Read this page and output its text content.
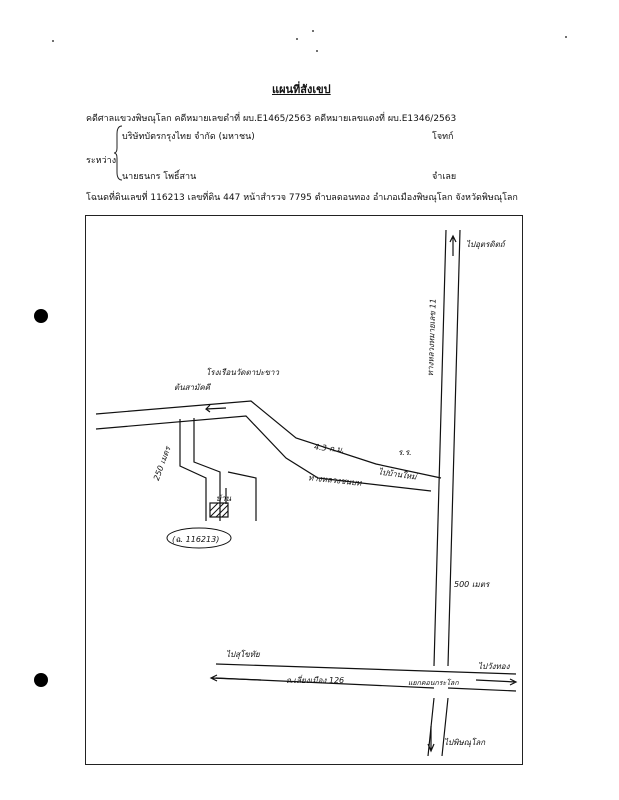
แผนที่สังเขป
คดีศาลแขวงพิษณุโลก คดีหมายเลขดำที่ ผบ.E1465/2563 คดีหมายเลขแดงที่ ผบ.E1346/2563
ระหว่าง
บริษัทบัตรกรุงไทย จำกัด (มหาชน)	โจทก์
นายธนกร โพธิ์สาน	จำเลย
โฉนดที่ดินเลขที่ 116213 เลขที่ดิน 447 หน้าสำรวจ 7795 ตำบลดอนทอง อำเภอเมืองพิษณุโลก จังหวัดพิษณุโลก
ไปอุตรดิตถ์
ทางหลวงหมายเลข 11
500 เมตร
4.3 ก.ม.
250 เมตร
ต้นสามัคคี
โรงเรือนวัดตาปะขาว
ร.ร.
ไปบ้านใหม่
ทางหลวงชนบท
บ้าน
(ฉ. 116213)
ไปสุโขทัย
ถ.เลี่ยงเมือง 126	แยกคอนกระโลก
ไปวังทอง
ไปพิษณุโลก
